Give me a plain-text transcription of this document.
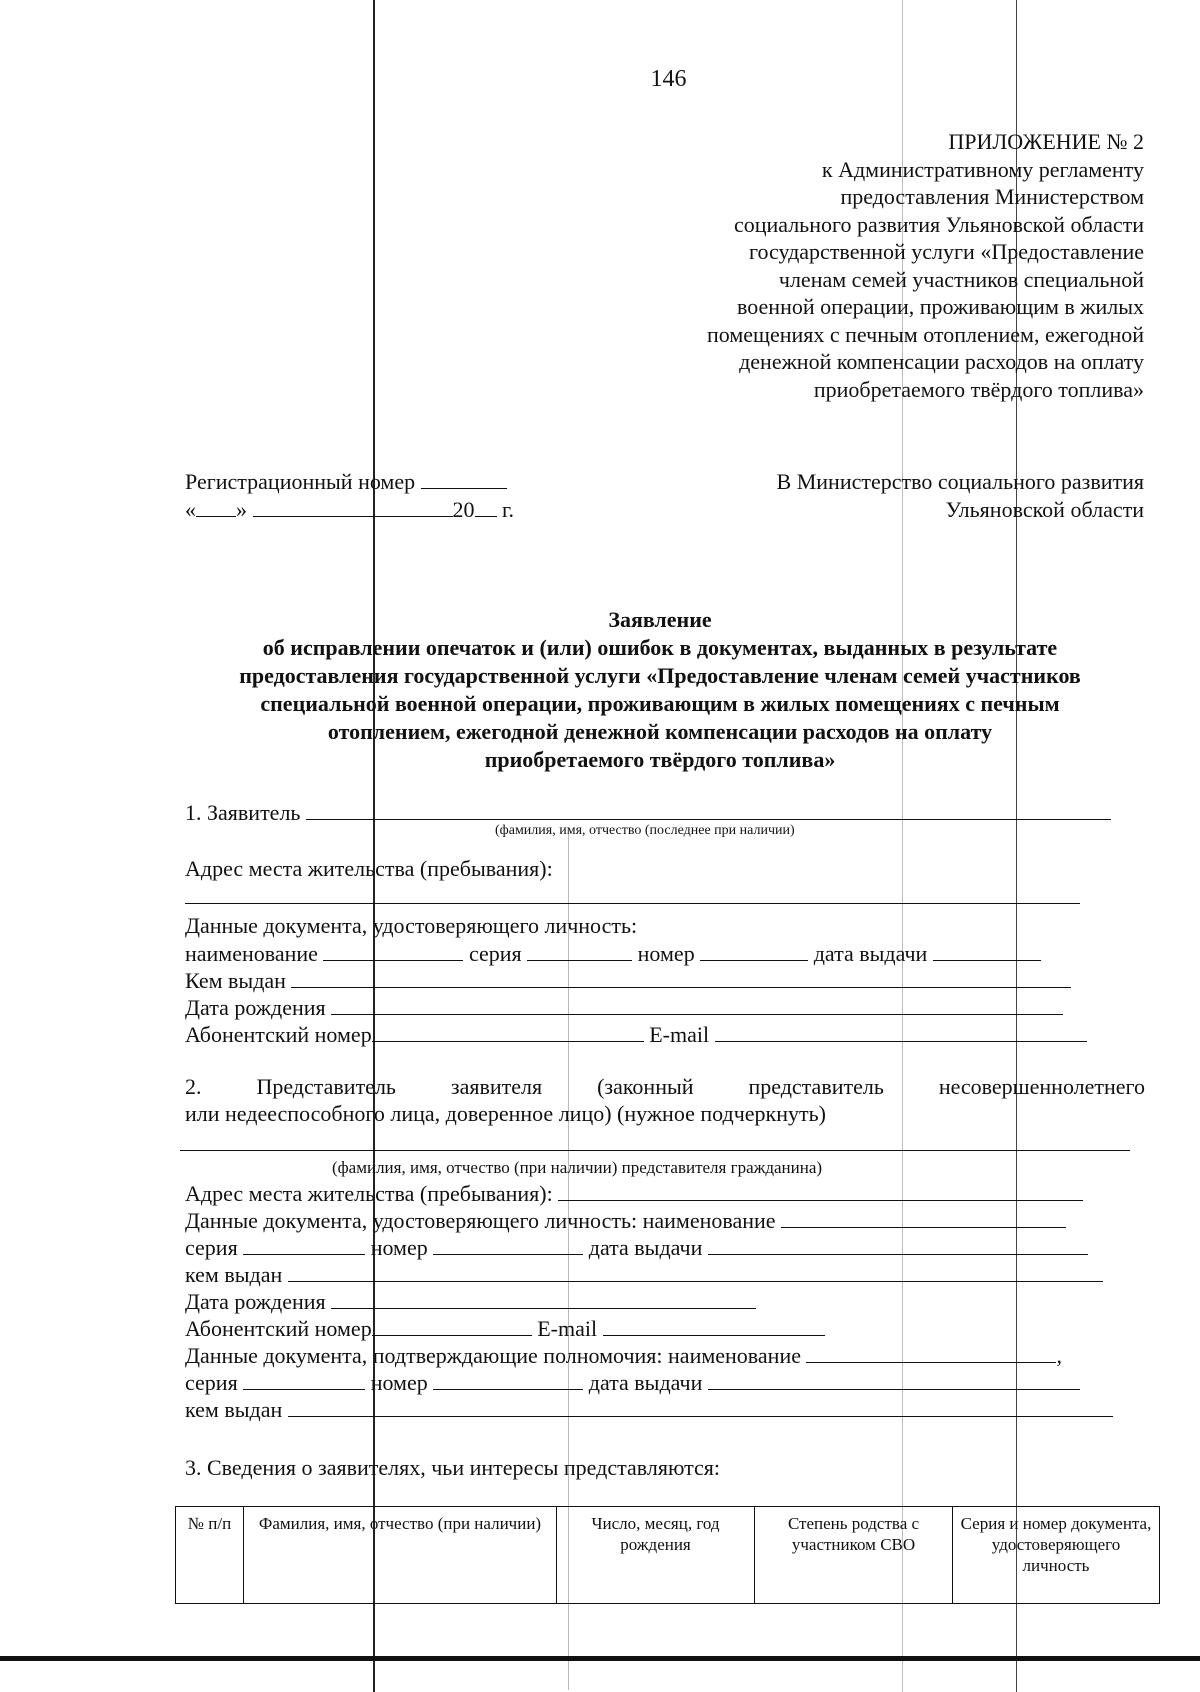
146
ПРИЛОЖЕНИЕ № 2
к Административному регламенту
предоставления Министерством
социального развития Ульяновской области
государственной услуги «Предоставление
членам семей участников специальной
военной операции, проживающим в жилых
помещениях с печным отоплением, ежегодной
денежной компенсации расходов на оплату
приобретаемого твёрдого топлива»
Регистрационный номер
« »	20 г.
В Министерство социального развития
Ульяновской области
Заявление
об исправлении опечаток и (или) ошибок в документах, выданных в результате
предоставления государственной услуги «Предоставление членам семей участников
специальной военной операции, проживающим в жилых помещениях с печным
отоплением, ежегодной денежной компенсации расходов на оплату
приобретаемого твёрдого топлива»
1. Заявитель
(фамилия, имя, отчество (последнее при наличии)
Адрес места жительства (пребывания):
Данные документа, удостоверяющего личность:
наименование	серия	номер	дата выдачи
Кем выдан
Дата рождения
Абонентский номер	E-mail
2. Представитель заявителя (законный представитель несовершеннолетнего
или недееспособного лица, доверенное лицо) (нужное подчеркнуть)
(фамилия, имя, отчество (при наличии) представителя гражданина)
Адрес места жительства (пребывания):
Данные документа, удостоверяющего личность: наименование
серия	номер	дата выдачи
кем выдан
Дата рождения
Абонентский номер	E-mail
Данные документа, подтверждающие полномочия: наименование	,
серия	номер	дата выдачи
кем выдан
3. Сведения о заявителях, чьи интересы представляются:
№ п/п	Фамилия, имя, отчество (при наличии)	Число, месяц, год рождения	Степень родства с участником СВО	Серия и номер документа, удостоверяющего личность
